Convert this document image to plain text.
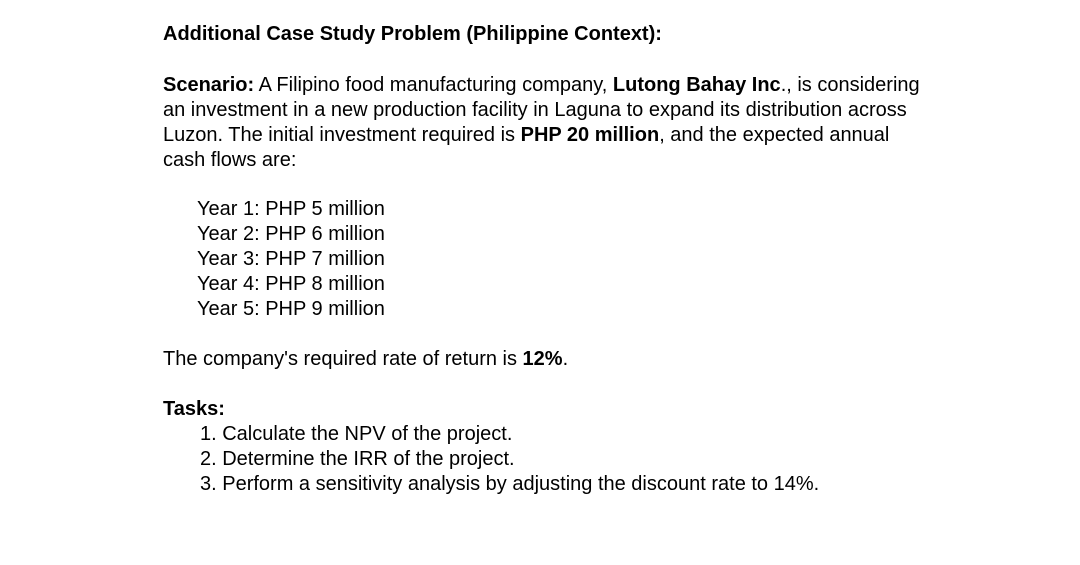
Additional Case Study Problem (Philippine Context):

Scenario: A Filipino food manufacturing company, Lutong Bahay Inc., is considering an investment in a new production facility in Laguna to expand its distribution across Luzon. The initial investment required is PHP 20 million, and the expected annual cash flows are:

Year 1: PHP 5 million
Year 2: PHP 6 million
Year 3: PHP 7 million
Year 4: PHP 8 million
Year 5: PHP 9 million

The company's required rate of return is 12%.

Tasks:

1. Calculate the NPV of the project.
2. Determine the IRR of the project.
3. Perform a sensitivity analysis by adjusting the discount rate to 14%.
